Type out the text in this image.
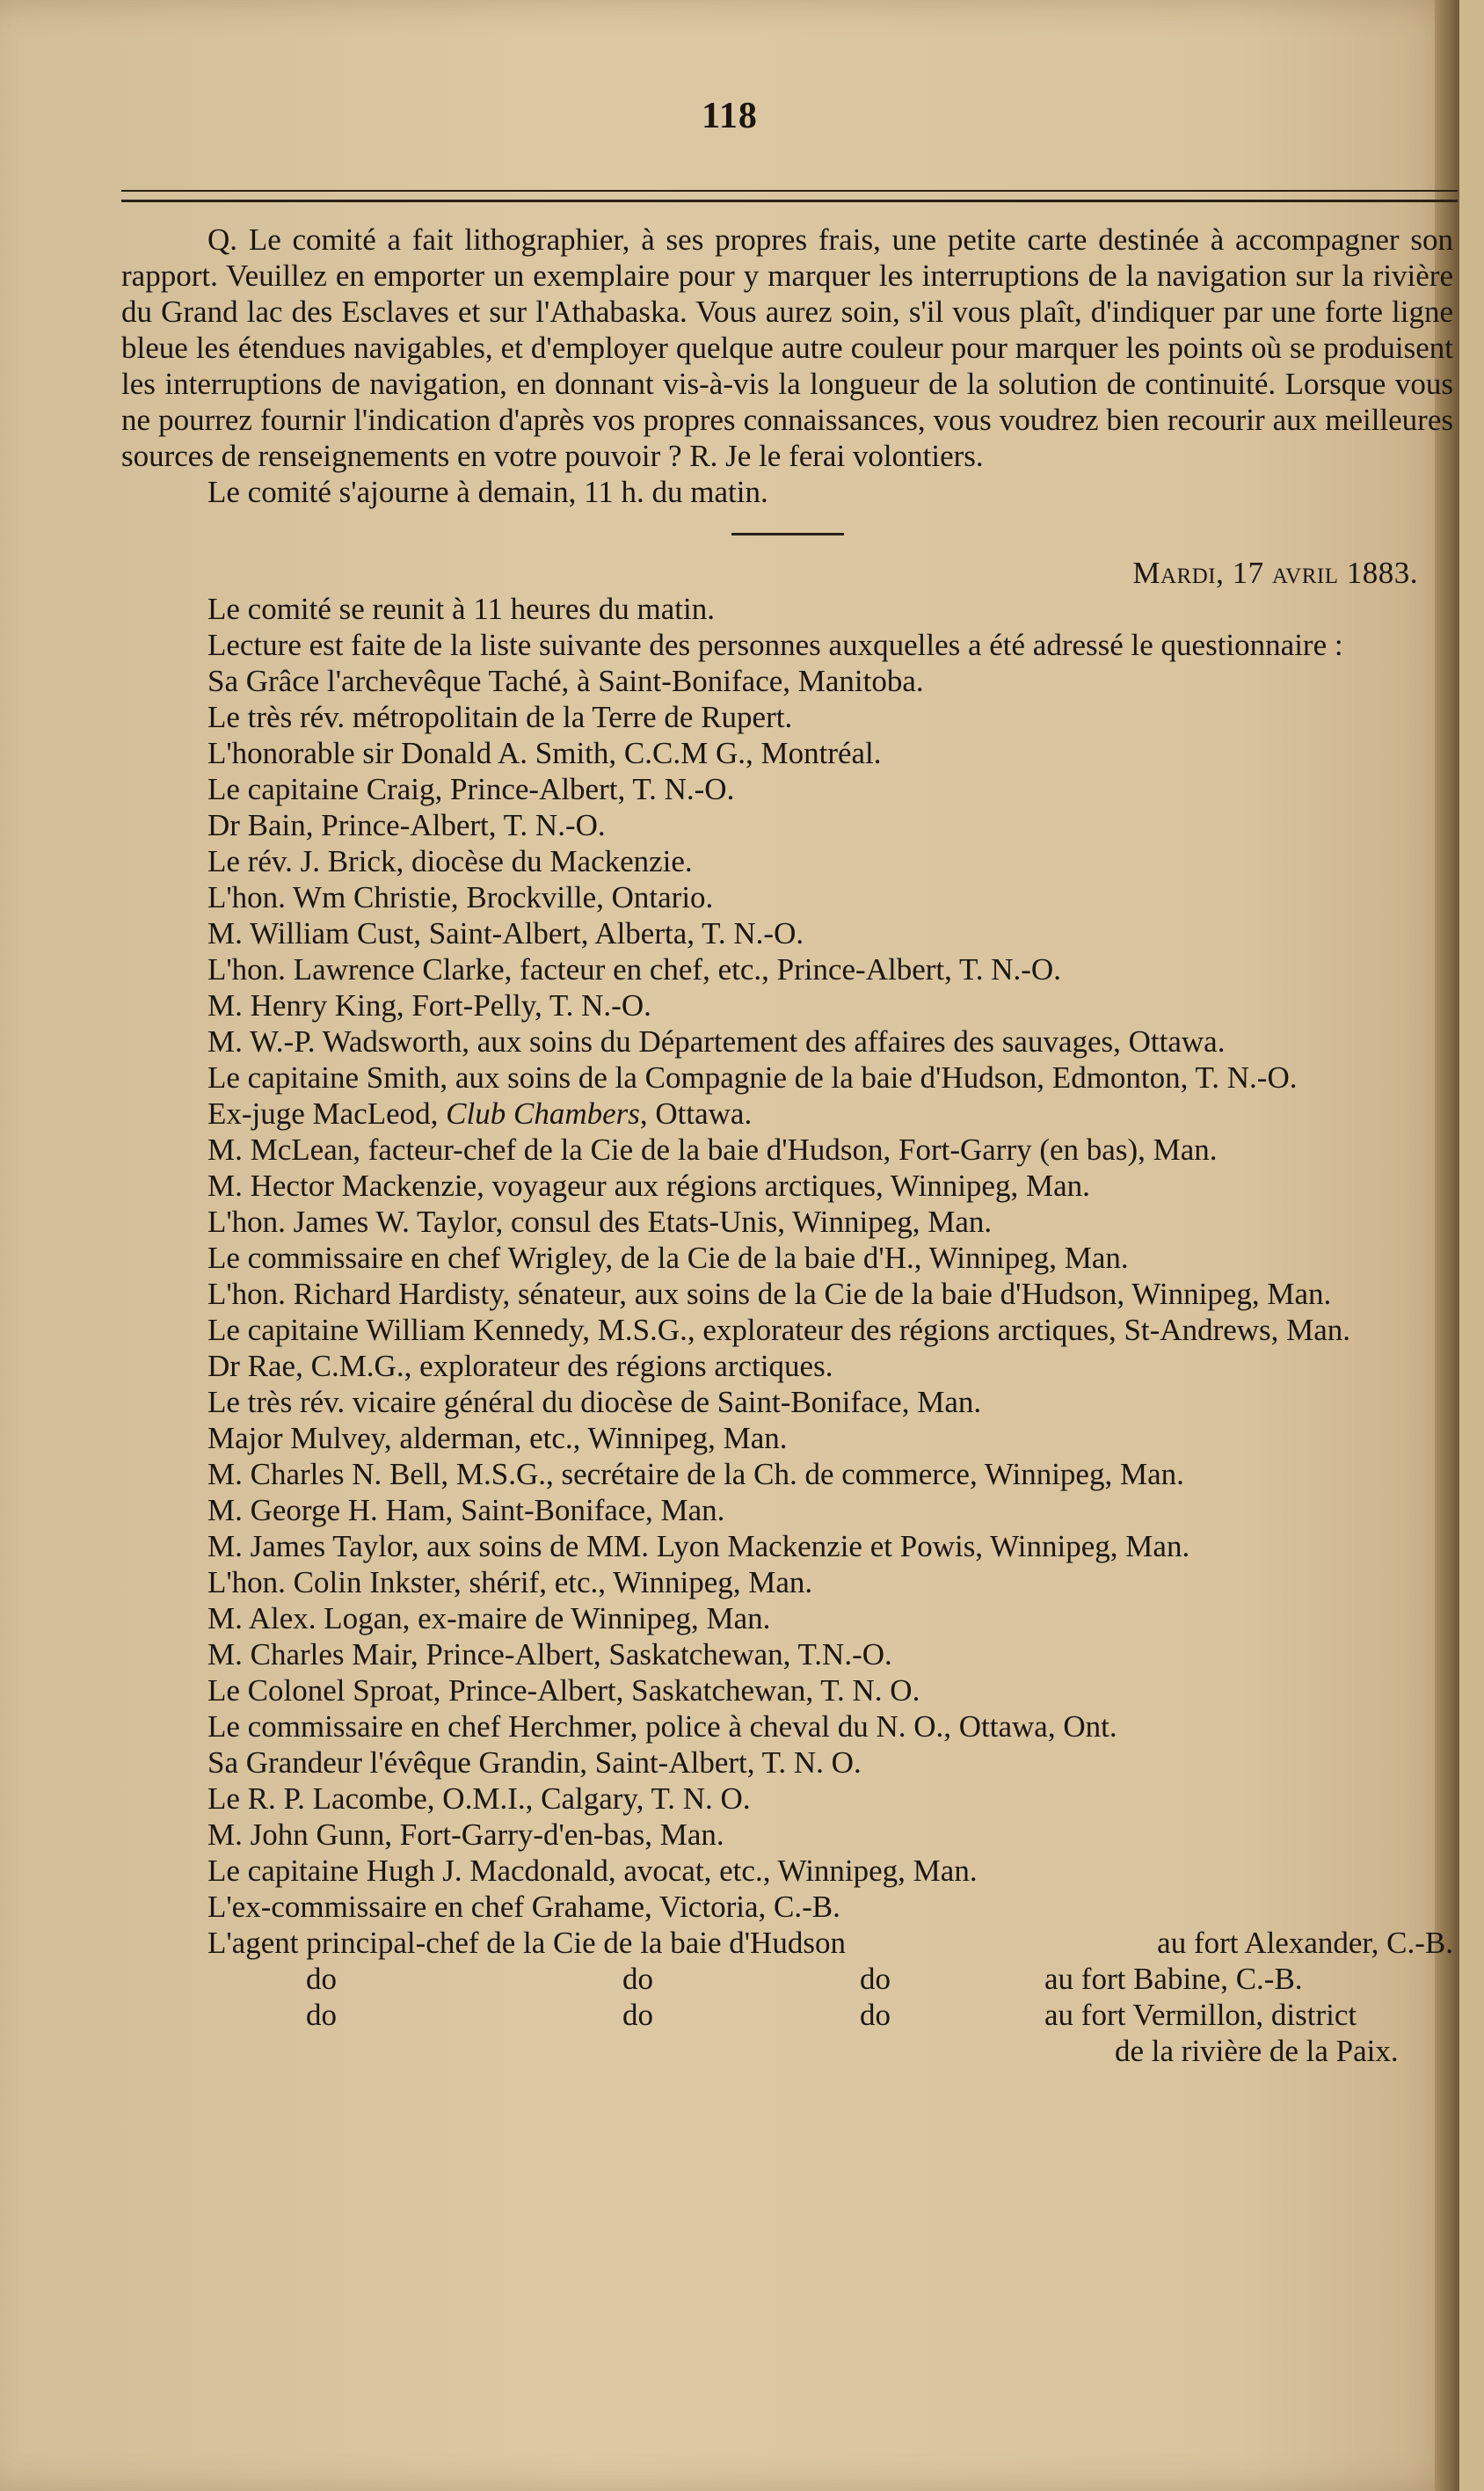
118

Q. Le comité a fait lithographier, à ses propres frais, une petite carte destinée à accompagner son rapport. Veuillez en emporter un exemplaire pour y marquer les interruptions de la navigation sur la rivière du Grand lac des Esclaves et sur l'Athabaska. Vous aurez soin, s'il vous plaît, d'indiquer par une forte ligne bleue les étendues navigables, et d'employer quelque autre couleur pour marquer les points où se produisent les interruptions de navigation, en donnant vis-à-vis la longueur de la solution de continuité. Lorsque vous ne pourrez fournir l'indication d'après vos propres connaissances, vous voudrez bien recourir aux meilleures sources de renseignements en votre pouvoir ? R. Je le ferai volontiers.

Le comité s'ajourne à demain, 11 h. du matin.

Mardi, 17 avril 1883.

Le comité se reunit à 11 heures du matin.

Lecture est faite de la liste suivante des personnes auxquelles a été adressé le questionnaire :

Sa Grâce l'archevêque Taché, à Saint-Boniface, Manitoba.

Le très rév. métropolitain de la Terre de Rupert.

L'honorable sir Donald A. Smith, C.C.M G., Montréal.

Le capitaine Craig, Prince-Albert, T. N.-O.

Dr Bain, Prince-Albert, T. N.-O.

Le rév. J. Brick, diocèse du Mackenzie.

L'hon. Wm Christie, Brockville, Ontario.

M. William Cust, Saint-Albert, Alberta, T. N.-O.

L'hon. Lawrence Clarke, facteur en chef, etc., Prince-Albert, T. N.-O.

M. Henry King, Fort-Pelly, T. N.-O.

M. W.-P. Wadsworth, aux soins du Département des affaires des sauvages, Ottawa.

Le capitaine Smith, aux soins de la Compagnie de la baie d'Hudson, Edmonton, T. N.-O.

Ex-juge MacLeod, Club Chambers, Ottawa.

M. McLean, facteur-chef de la Cie de la baie d'Hudson, Fort-Garry (en bas), Man.

M. Hector Mackenzie, voyageur aux régions arctiques, Winnipeg, Man.

L'hon. James W. Taylor, consul des Etats-Unis, Winnipeg, Man.

Le commissaire en chef Wrigley, de la Cie de la baie d'H., Winnipeg, Man.

L'hon. Richard Hardisty, sénateur, aux soins de la Cie de la baie d'Hudson, Winnipeg, Man.

Le capitaine William Kennedy, M.S.G., explorateur des régions arctiques, St-Andrews, Man.

Dr Rae, C.M.G., explorateur des régions arctiques.

Le très rév. vicaire général du diocèse de Saint-Boniface, Man.

Major Mulvey, alderman, etc., Winnipeg, Man.

M. Charles N. Bell, M.S.G., secrétaire de la Ch. de commerce, Winnipeg, Man.

M. George H. Ham, Saint-Boniface, Man.

M. James Taylor, aux soins de MM. Lyon Mackenzie et Powis, Winnipeg, Man.

L'hon. Colin Inkster, shérif, etc., Winnipeg, Man.

M. Alex. Logan, ex-maire de Winnipeg, Man.

M. Charles Mair, Prince-Albert, Saskatchewan, T.N.-O.

Le Colonel Sproat, Prince-Albert, Saskatchewan, T. N. O.

Le commissaire en chef Herchmer, police à cheval du N. O., Ottawa, Ont.

Sa Grandeur l'évêque Grandin, Saint-Albert, T. N. O.

Le R. P. Lacombe, O.M.I., Calgary, T. N. O.

M. John Gunn, Fort-Garry-d'en-bas, Man.

Le capitaine Hugh J. Macdonald, avocat, etc., Winnipeg, Man.

L'ex-commissaire en chef Grahame, Victoria, C.-B.

L'agent principal-chef de la Cie de la baie d'Hudson	au fort Alexander, C.-B.
do	do	do	au fort Babine, C.-B.
do	do	do	au fort Vermillon, district
de la rivière de la Paix.
